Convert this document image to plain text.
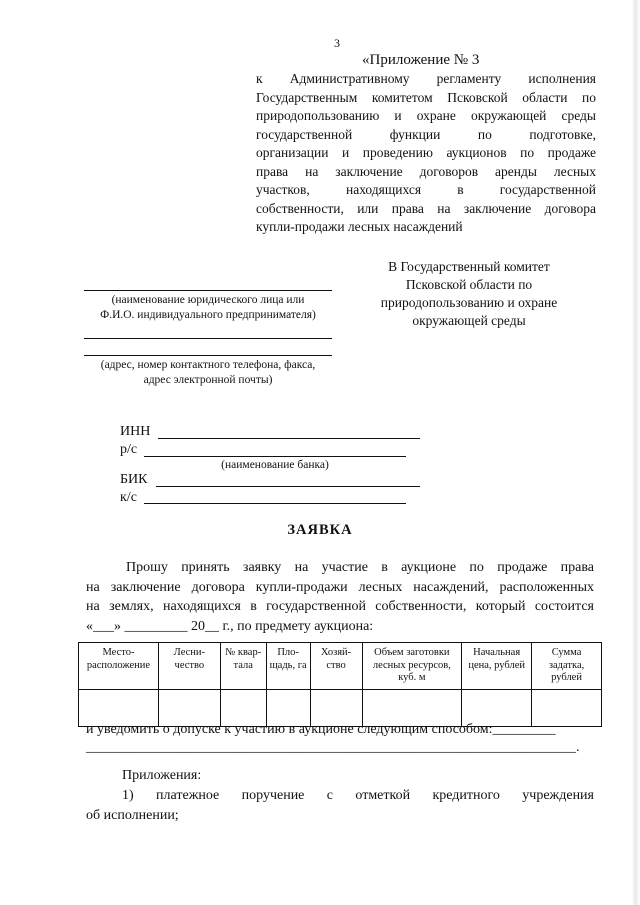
3
«Приложение № 3
к Административному регламенту исполнения
Государственным комитетом Псковской области по
природопользованию и охране окружающей среды
государственной функции по подготовке,
организации и проведению аукционов по продаже
права на заключение договоров аренды лесных
участков, находящихся в государственной
собственности, или права на заключение договора
купли-продажи лесных насаждений
В Государственный комитет
Псковской области по
природопользованию и охране
окружающей среды
(наименование юридического лица или
Ф.И.О. индивидуального предпринимателя)
(адрес, номер контактного телефона, факса,
адрес электронной почты)
ИНН
р/с
(наименование банка)
БИК
к/с
ЗАЯВКА
Прошу принять заявку на участие в аукционе по продаже права
на заключение договора купли-продажи лесных насаждений, расположенных
на землях, находящихся в государственной собственности, который состоится
«___» _________ 20__ г., по предмету аукциона:
Место-расположение	Лесни-чество	№ квар-тала	Пло-щадь, га	Хозяй-ство	Объем заготовки лесных ресурсов, куб. м	Начальная цена, рублей	Сумма задатка, рублей

и уведомить о допуске к участию в аукционе следующим способом:_________
______________________________________________________________________.
Приложения:
1) платежное поручение с отметкой кредитного учреждения
об исполнении;
